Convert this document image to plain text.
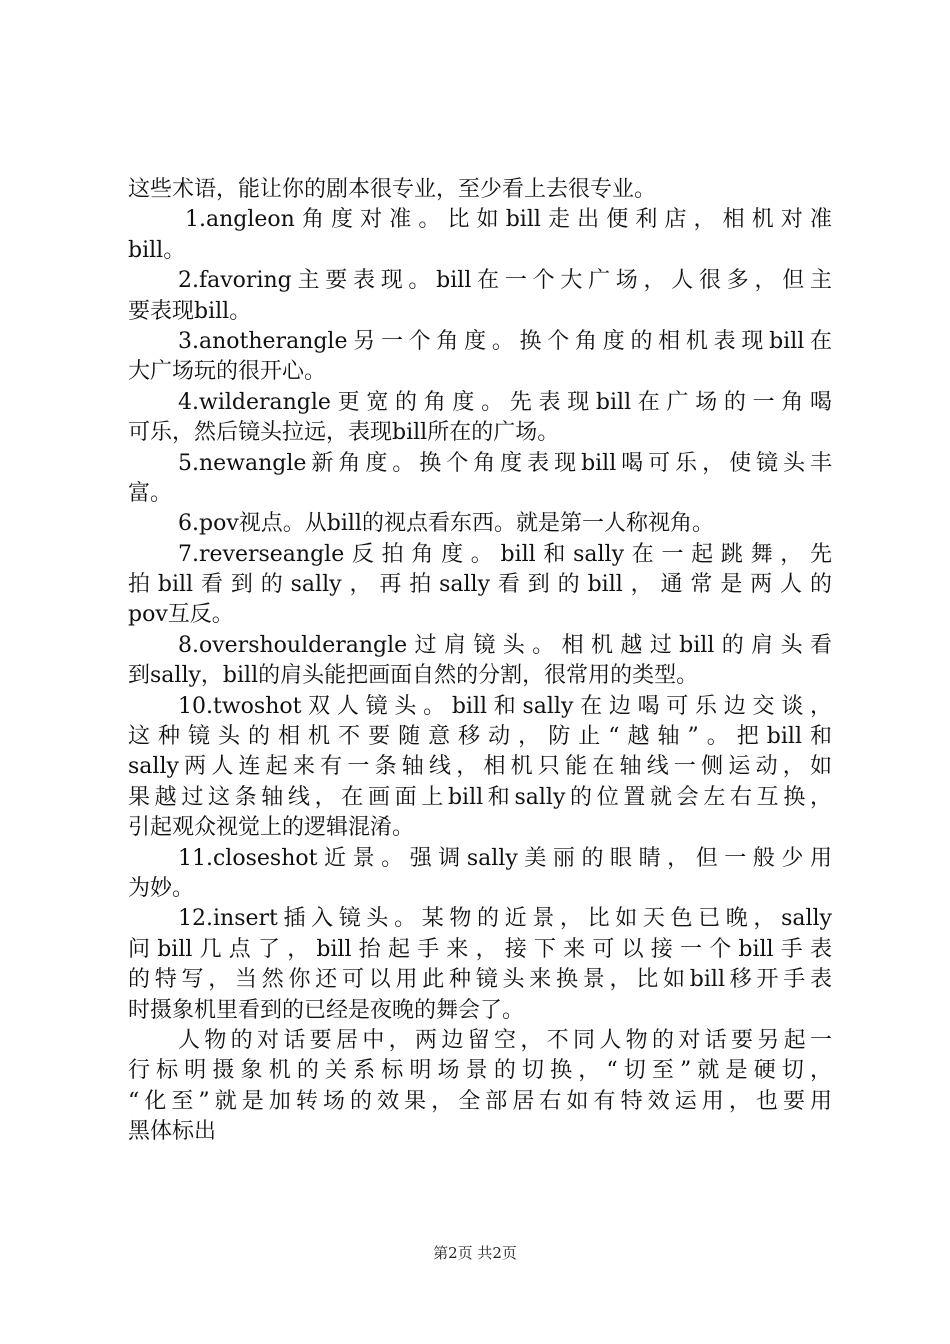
这些术语，能让你的剧本很专业，至少看上去很专业。
1.angleon角度对准。比如bill走出便利店，相机对准
bill。
2.favoring主要表现。bill在一个大广场，人很多，但主
要表现bill。
3.anotherangle另一个角度。换个角度的相机表现bill在
大广场玩的很开心。
4.wilderangle更宽的角度。先表现bill在广场的一角喝
可乐，然后镜头拉远，表现bill所在的广场。
5.newangle新角度。换个角度表现bill喝可乐，使镜头丰
富。
6.pov视点。从bill的视点看东西。就是第一人称视角。
7.reverseangle反拍角度。bill和sally在一起跳舞，先
拍bill看到的sally，再拍sally看到的bill，通常是两人的
pov互反。
8.overshoulderangle过肩镜头。相机越过bill的肩头看
到sally，bill的肩头能把画面自然的分割，很常用的类型。
10.twoshot双人镜头。bill和sally在边喝可乐边交谈，
这种镜头的相机不要随意移动，防止“越轴”。把bill和
sally两人连起来有一条轴线，相机只能在轴线一侧运动，如
果越过这条轴线，在画面上bill和sally的位置就会左右互换，
引起观众视觉上的逻辑混淆。
11.closeshot近景。强调sally美丽的眼睛，但一般少用
为妙。
12.insert插入镜头。某物的近景，比如天色已晚，sally
问bill几点了，bill抬起手来，接下来可以接一个bill手表
的特写，当然你还可以用此种镜头来换景，比如bill移开手表
时摄象机里看到的已经是夜晚的舞会了。
人物的对话要居中，两边留空，不同人物的对话要另起一
行标明摄象机的关系标明场景的切换，“切至”就是硬切，
“化至”就是加转场的效果，全部居右如有特效运用，也要用
黑体标出
第2页 共2页
